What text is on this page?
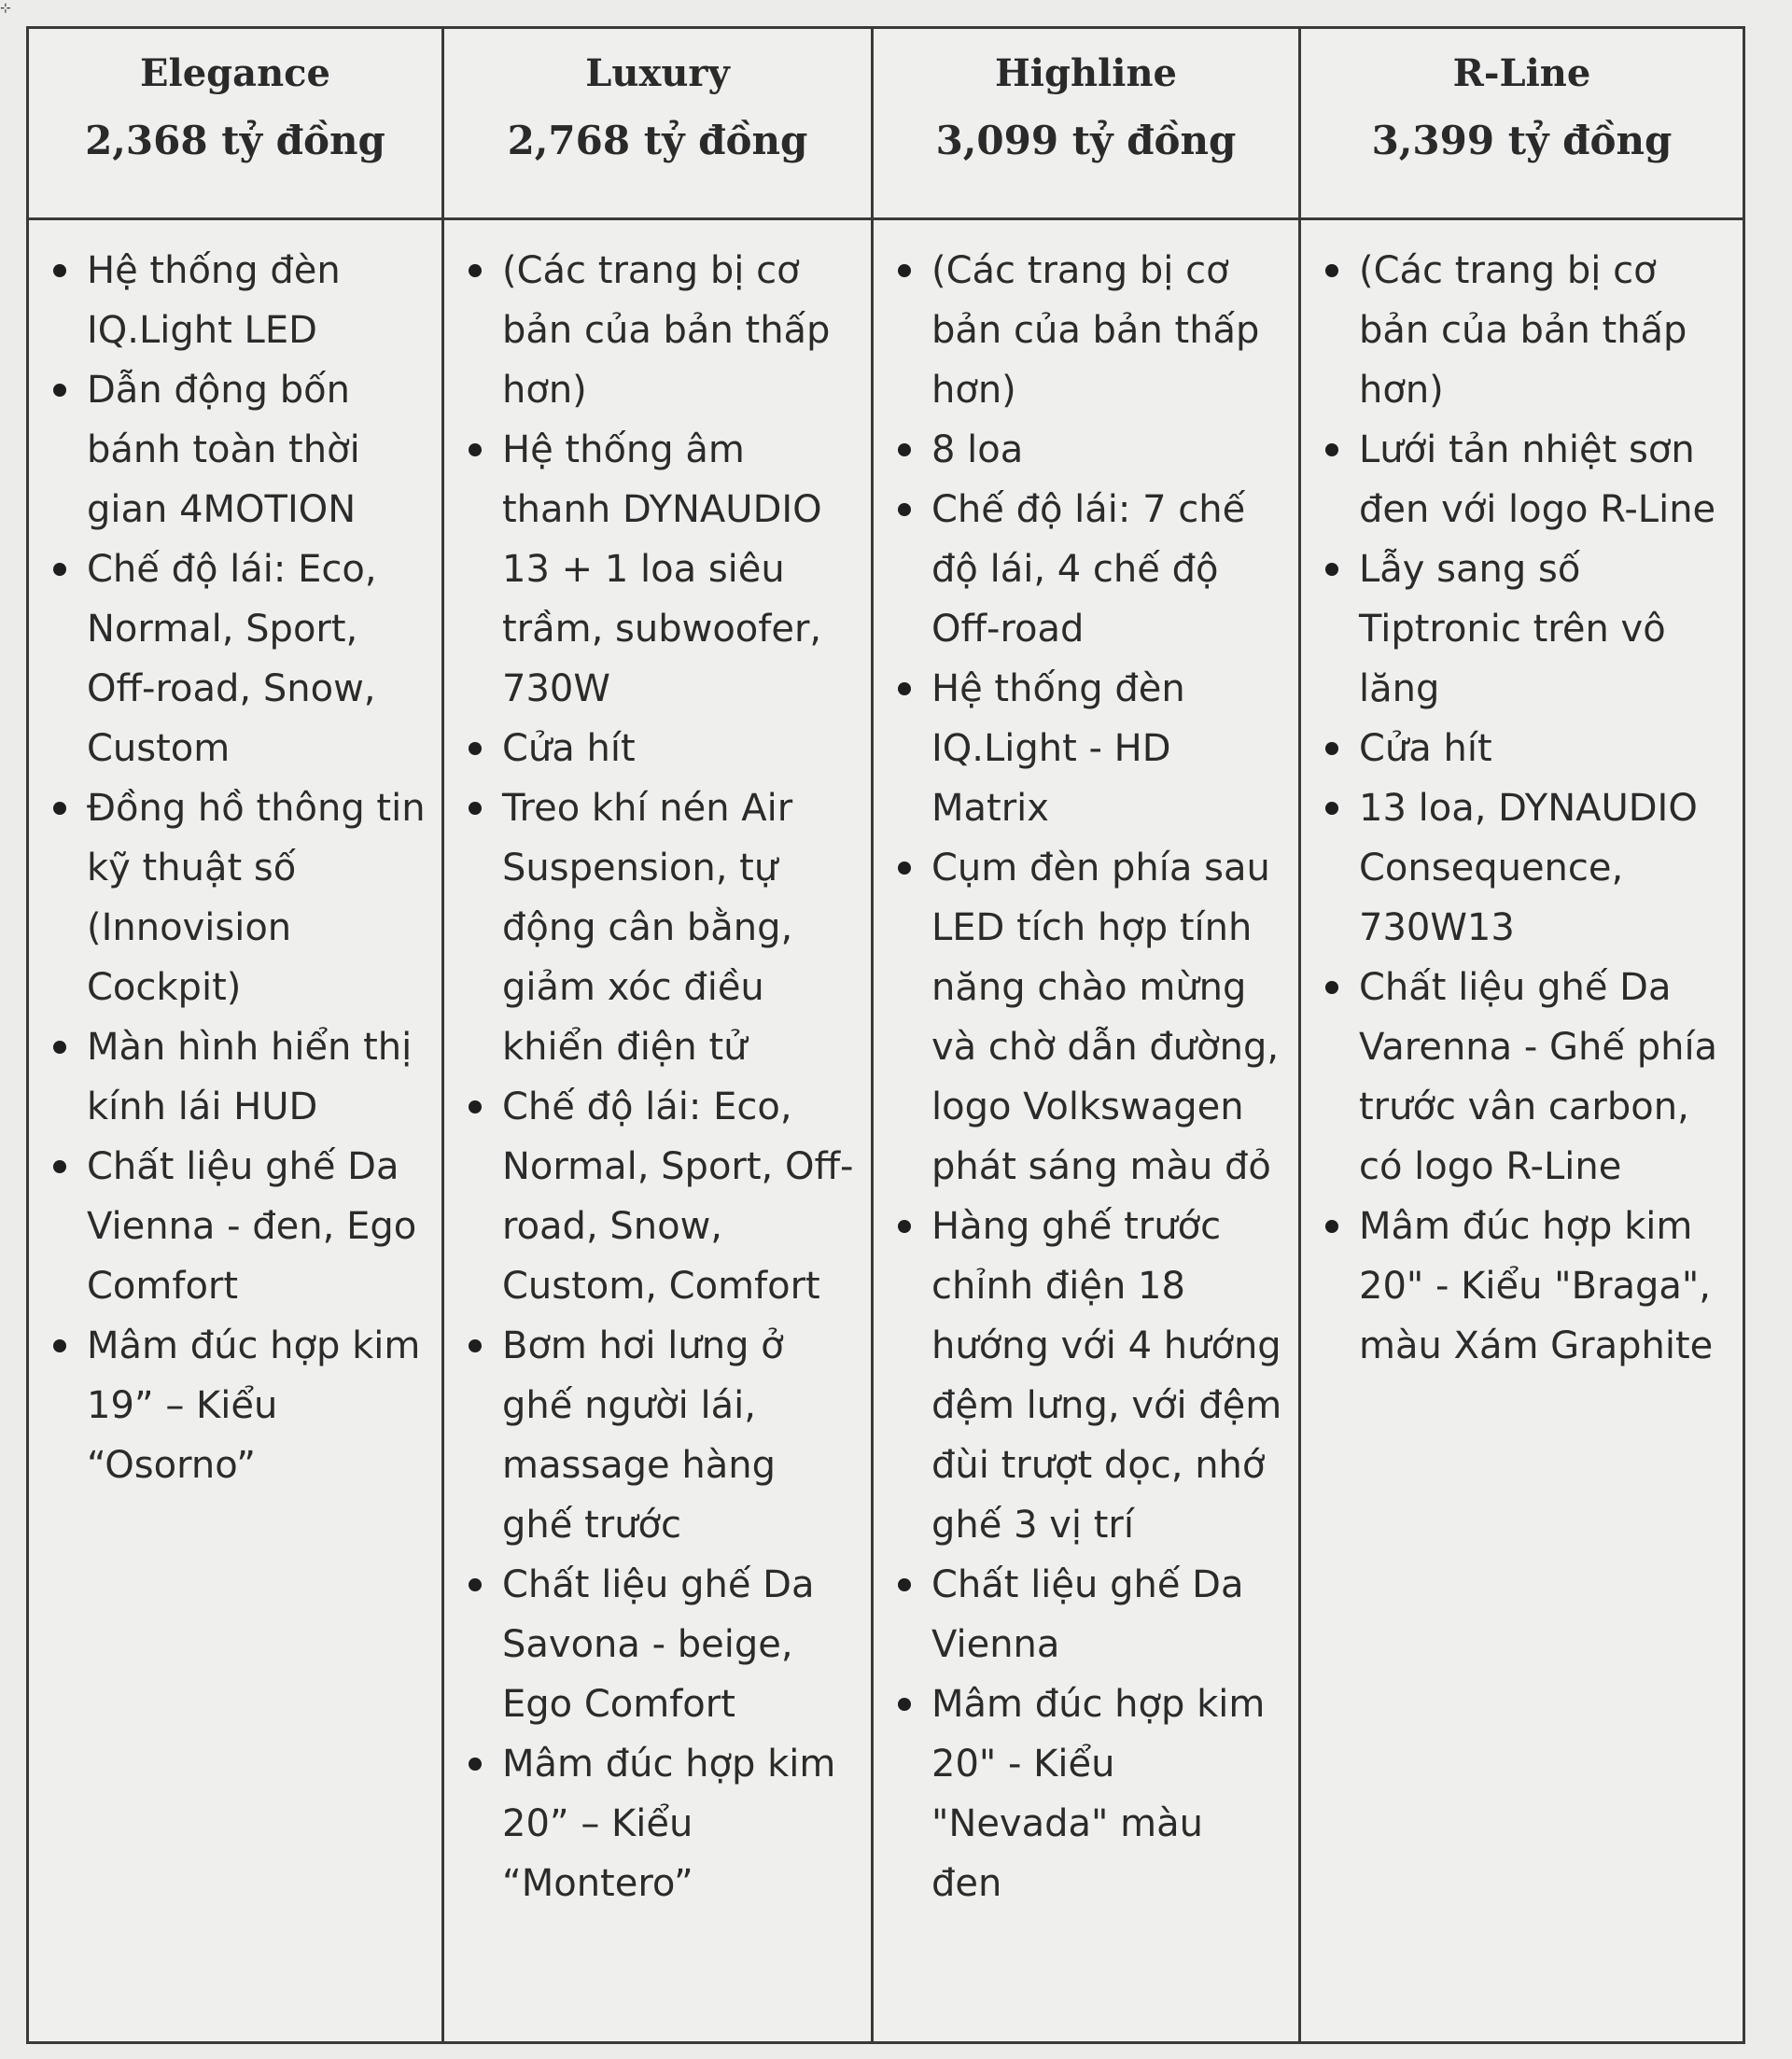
⊹
Elegance
2,368 tỷ đồng
Luxury
2,768 tỷ đồng
Highline
3,099 tỷ đồng
R-Line
3,399 tỷ đồng
Hệ thống đèn IQ.Light LED
Dẫn động bốn bánh toàn thời gian 4MOTION
Chế độ lái: Eco, Normal, Sport, Off-road, Snow, Custom
Đồng hồ thông tin kỹ thuật số (Innovision Cockpit)
Màn hình hiển thị kính lái HUD
Chất liệu ghế Da Vienna - đen, Ego Comfort
Mâm đúc hợp kim 19” – Kiểu “Osorno”
(Các trang bị cơ bản của bản thấp hơn)
Hệ thống âm thanh DYNAUDIO 13 + 1 loa siêu trầm, subwoofer, 730W
Cửa hít
Treo khí nén Air Suspension, tự động cân bằng, giảm xóc điều khiển điện tử
Chế độ lái: Eco, Normal, Sport, Off-road, Snow, Custom, Comfort
Bơm hơi lưng ở ghế người lái, massage hàng ghế trước
Chất liệu ghế Da Savona - beige, Ego Comfort
Mâm đúc hợp kim 20” – Kiểu “Montero”
(Các trang bị cơ bản của bản thấp hơn)
8 loa
Chế độ lái: 7 chế độ lái, 4 chế độ Off-road
Hệ thống đèn IQ.Light - HD Matrix
Cụm đèn phía sau LED tích hợp tính năng chào mừng và chờ dẫn đường, logo Volkswagen phát sáng màu đỏ
Hàng ghế trước chỉnh điện 18 hướng với 4 hướng đệm lưng, với đệm đùi trượt dọc, nhớ ghế 3 vị trí
Chất liệu ghế Da Vienna
Mâm đúc hợp kim 20" - Kiểu "Nevada" màu đen
(Các trang bị cơ bản của bản thấp hơn)
Lưới tản nhiệt sơn đen với logo R-Line
Lẫy sang số Tiptronic trên vô lăng
Cửa hít
13 loa, DYNAUDIO Consequence, 730W13
Chất liệu ghế Da Varenna - Ghế phía trước vân carbon, có logo R-Line
Mâm đúc hợp kim 20" - Kiểu "Braga", màu Xám Graphite
